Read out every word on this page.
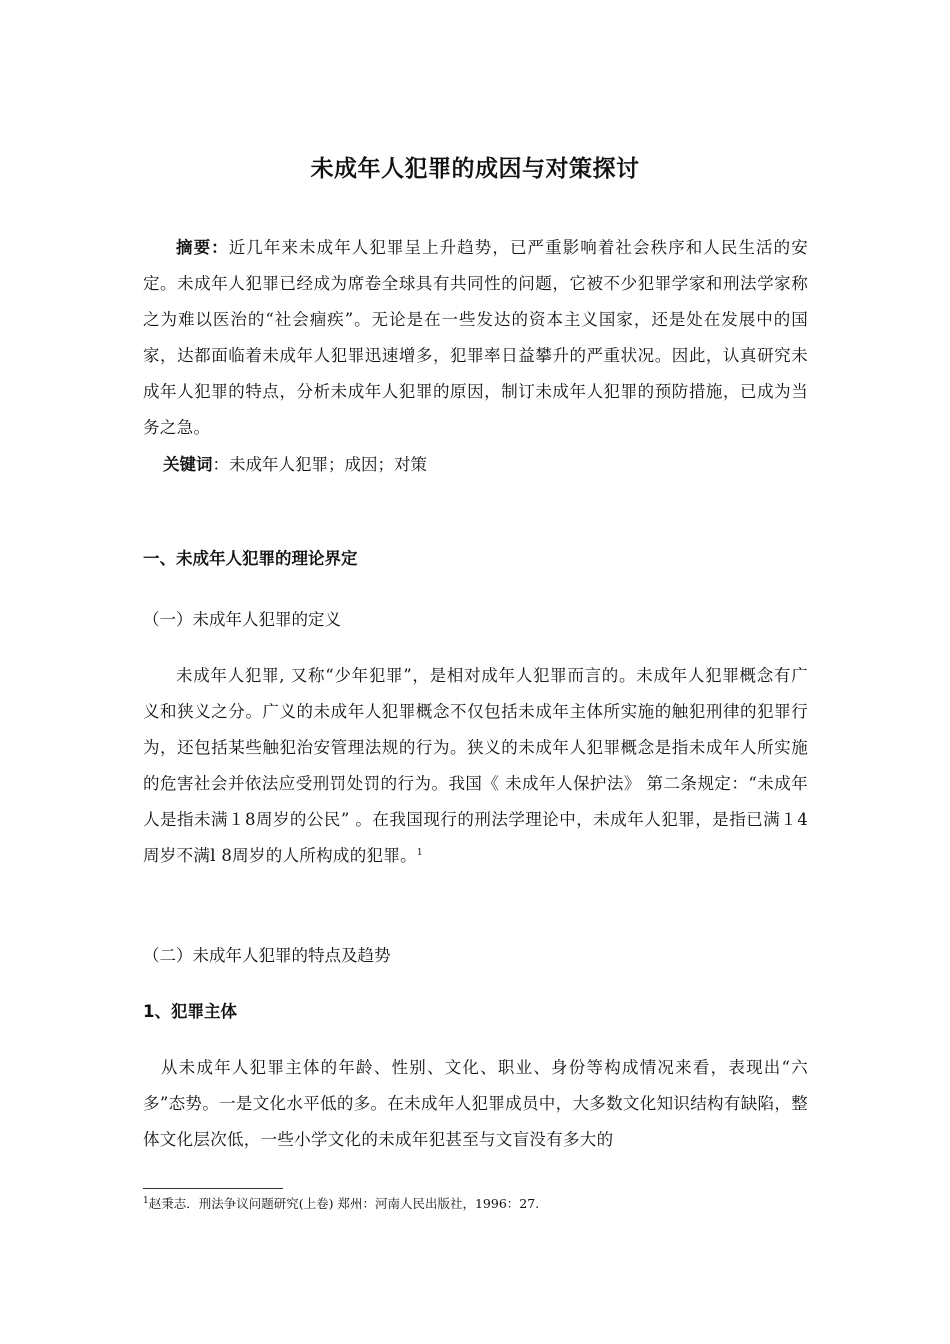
未成年人犯罪的成因与对策探讨
摘要：近几年来未成年人犯罪呈上升趋势，已严重影响着社会秩序和人民生活的安定。未成年人犯罪已经成为席卷全球具有共同性的问题，它被不少犯罪学家和刑法学家称之为难以医治的“社会痼疾”。无论是在一些发达的资本主义国家，还是处在发展中的国家，达都面临着未成年人犯罪迅速增多，犯罪率日益攀升的严重状况。因此，认真研究未成年人犯罪的特点，分析未成年人犯罪的原因，制订未成年人犯罪的预防措施，已成为当务之急。
关键词：未成年人犯罪；成因；对策
一、未成年人犯罪的理论界定
（一）未成年人犯罪的定义
未成年人犯罪, 又称“少年犯罪”，是相对成年人犯罪而言的。未成年人犯罪概念有广义和狭义之分。广义的未成年人犯罪概念不仅包括未成年主体所实施的触犯刑律的犯罪行为，还包括某些触犯治安管理法规的行为。狭义的未成年人犯罪概念是指未成年人所实施的危害社会并依法应受刑罚处罚的行为。我国《 未成年人保护法》 第二条规定：“未成年人是指未满１8周岁的公民” 。在我国现行的刑法学理论中，未成年人犯罪，是指已满１4周岁不满l 8周岁的人所构成的犯罪。$^1$
（二）未成年人犯罪的特点及趋势
1、犯罪主体
从未成年人犯罪主体的年龄、性别、文化、职业、身份等构成情况来看，表现出“六多”态势。一是文化水平低的多。在未成年人犯罪成员中，大多数文化知识结构有缺陷，整体文化层次低，一些小学文化的未成年犯甚至与文盲没有多大的
$^1$赵秉志．刑法争议问题研究(上卷) 郑州：河南人民出版社，1996：27.
